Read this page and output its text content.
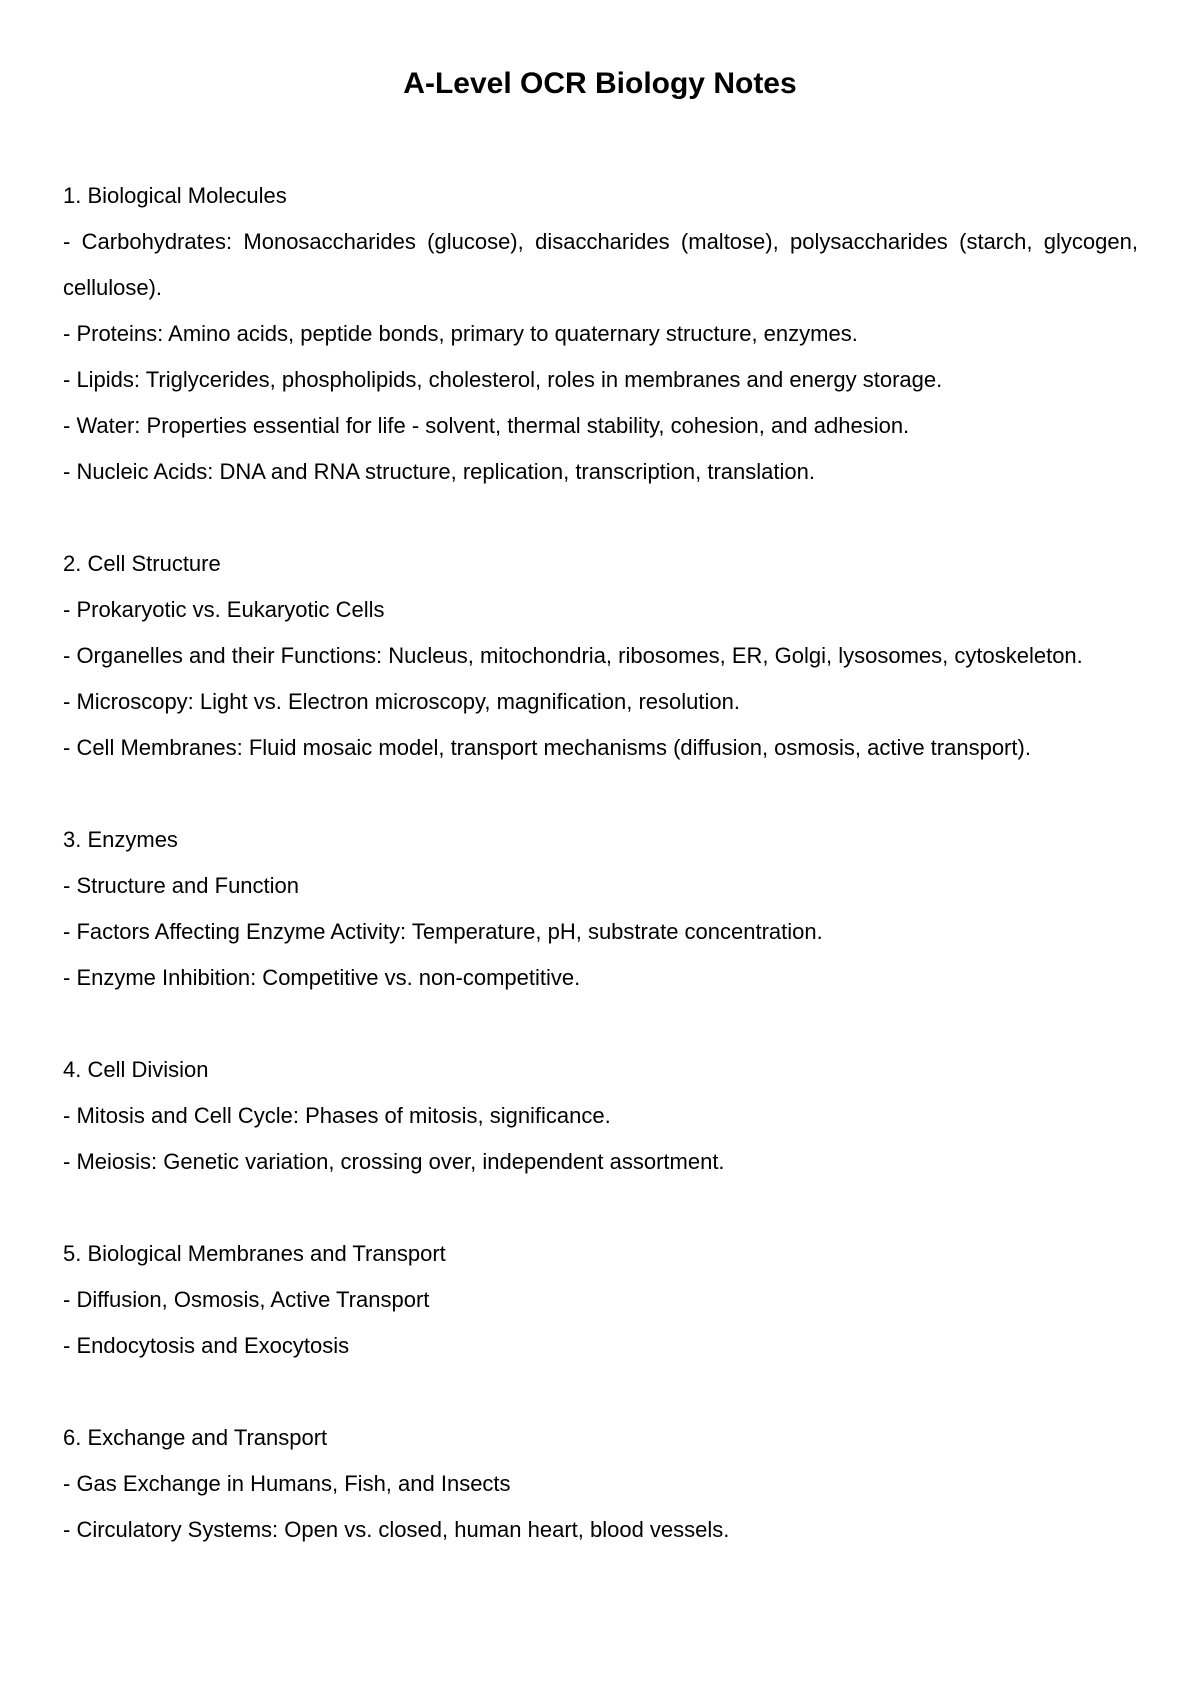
A-Level OCR Biology Notes

1. Biological Molecules

- Carbohydrates: Monosaccharides (glucose), disaccharides (maltose), polysaccharides (starch, glycogen, cellulose).

- Proteins: Amino acids, peptide bonds, primary to quaternary structure, enzymes.

- Lipids: Triglycerides, phospholipids, cholesterol, roles in membranes and energy storage.

- Water: Properties essential for life - solvent, thermal stability, cohesion, and adhesion.

- Nucleic Acids: DNA and RNA structure, replication, transcription, translation.

2. Cell Structure

- Prokaryotic vs. Eukaryotic Cells

- Organelles and their Functions: Nucleus, mitochondria, ribosomes, ER, Golgi, lysosomes, cytoskeleton.

- Microscopy: Light vs. Electron microscopy, magnification, resolution.

- Cell Membranes: Fluid mosaic model, transport mechanisms (diffusion, osmosis, active transport).

3. Enzymes

- Structure and Function

- Factors Affecting Enzyme Activity: Temperature, pH, substrate concentration.

- Enzyme Inhibition: Competitive vs. non-competitive.

4. Cell Division

- Mitosis and Cell Cycle: Phases of mitosis, significance.

- Meiosis: Genetic variation, crossing over, independent assortment.

5. Biological Membranes and Transport

- Diffusion, Osmosis, Active Transport

- Endocytosis and Exocytosis

6. Exchange and Transport

- Gas Exchange in Humans, Fish, and Insects

- Circulatory Systems: Open vs. closed, human heart, blood vessels.
